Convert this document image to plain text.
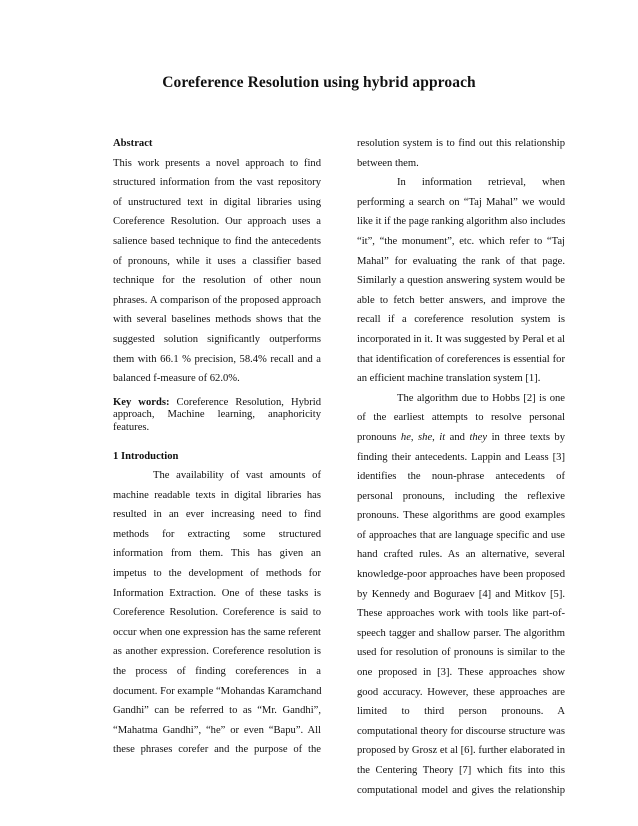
Coreference Resolution using hybrid approach
Abstract
This work presents a novel approach to find
structured information from the vast repository
of unstructured text in digital libraries using
Coreference Resolution. Our approach uses a
salience based technique to find the antecedents
of pronouns, while it uses a classifier based
technique for the resolution of other noun
phrases. A comparison of the proposed approach
with several baselines methods shows that the
suggested solution significantly outperforms
them with 66.1 % precision, 58.4% recall and a
balanced f-measure of 62.0%.
Key words: Coreference Resolution, Hybrid
approach, Machine learning, anaphoricity
features.
1 Introduction
The availability of vast amounts of
machine readable texts in digital libraries has
resulted in an ever increasing need to find
methods for extracting some structured
information from them. This has given an
impetus to the development of methods for
Information Extraction. One of these tasks is
Coreference Resolution. Coreference is said to
occur when one expression has the same referent
as another expression. Coreference resolution is
the process of finding coreferences in a
document. For example “Mohandas Karamchand
Gandhi” can be referred to as “Mr. Gandhi”,
“Mahatma Gandhi”, “he” or even “Bapu”. All
these phrases corefer and the purpose of the
resolution system is to find out this relationship
between them.
In information retrieval, when
performing a search on “Taj Mahal” we would
like it if the page ranking algorithm also includes
“it”, “the monument”, etc. which refer to “Taj
Mahal” for evaluating the rank of that page.
Similarly a question answering system would be
able to fetch better answers, and improve the
recall if a coreference resolution system is
incorporated in it. It was suggested by Peral et al
that identification of coreferences is essential for
an efficient machine translation system [1].
The algorithm due to Hobbs [2] is one
of the earliest attempts to resolve personal
pronouns he, she, it and they in three texts by
finding their antecedents. Lappin and Leass [3]
identifies the noun-phrase antecedents of
personal pronouns, including the reflexive
pronouns. These algorithms are good examples
of approaches that are language specific and use
hand crafted rules. As an alternative, several
knowledge-poor approaches have been proposed
by Kennedy and Boguraev [4] and Mitkov [5].
These approaches work with tools like part-of-
speech tagger and shallow parser. The algorithm
used for resolution of pronouns is similar to the
one proposed in [3]. These approaches show
good accuracy. However, these approaches are
limited to third person pronouns. A
computational theory for discourse structure was
proposed by Grosz et al [6]. further elaborated in
the Centering Theory [7] which fits into this
computational model and gives the relationship
